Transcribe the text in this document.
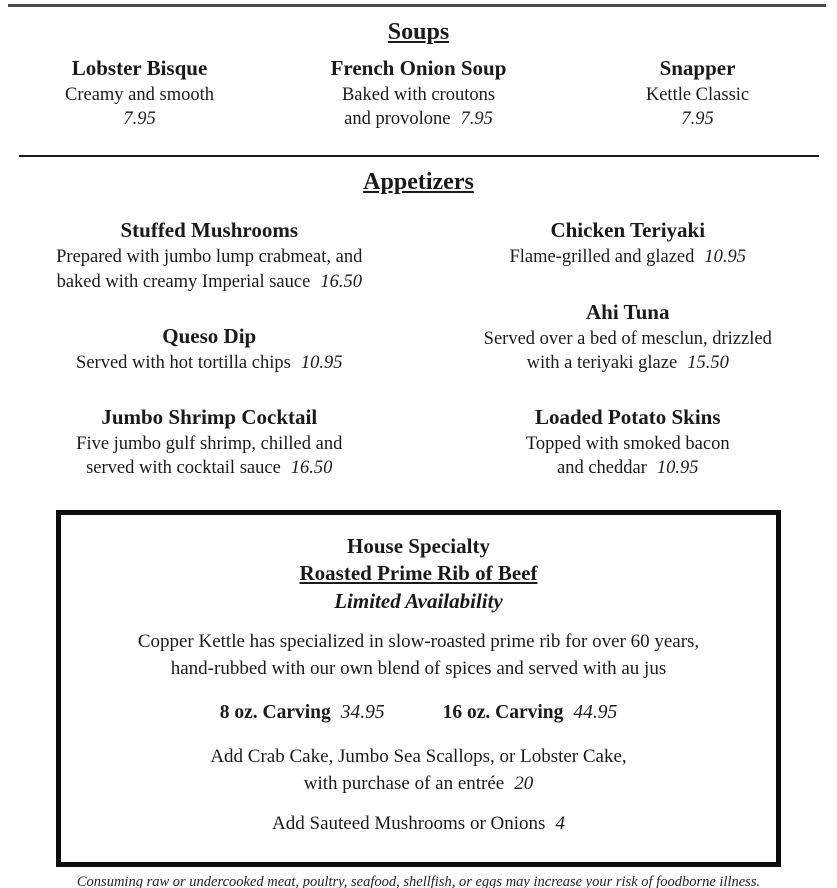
Soups
Lobster Bisque
Creamy and smooth
7.95
French Onion Soup
Baked with croutons
and provolone 7.95
Snapper
Kettle Classic
7.95
Appetizers
Stuffed Mushrooms
Prepared with jumbo lump crabmeat, and
baked with creamy Imperial sauce 16.50
Queso Dip
Served with hot tortilla chips 10.95
Jumbo Shrimp Cocktail
Five jumbo gulf shrimp, chilled and
served with cocktail sauce 16.50
Chicken Teriyaki
Flame-grilled and glazed 10.95
Ahi Tuna
Served over a bed of mesclun, drizzled
with a teriyaki glaze 15.50
Loaded Potato Skins
Topped with smoked bacon
and cheddar 10.95
House Specialty
Roasted Prime Rib of Beef
Limited Availability
Copper Kettle has specialized in slow-roasted prime rib for over 60 years,
hand-rubbed with our own blend of spices and served with au jus
8 oz. Carving 34.95	16 oz. Carving 44.95
Add Crab Cake, Jumbo Sea Scallops, or Lobster Cake,
with purchase of an entrée 20
Add Sauteed Mushrooms or Onions 4
Consuming raw or undercooked meat, poultry, seafood, shellfish, or eggs may increase your risk of foodborne illness.
